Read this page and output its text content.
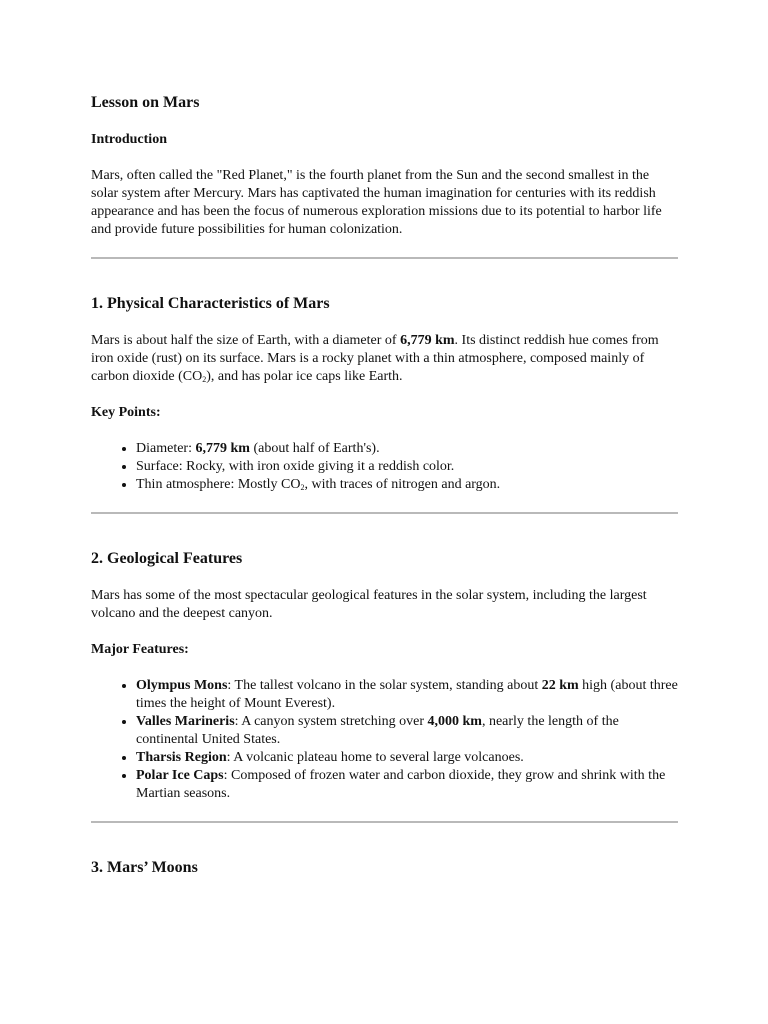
Lesson on Mars
Introduction

Mars, often called the "Red Planet," is the fourth planet from the Sun and the second smallest in the solar system after Mercury. Mars has captivated the human imagination for centuries with its reddish appearance and has been the focus of numerous exploration missions due to its potential to harbor life and provide future possibilities for human colonization.

1. Physical Characteristics of Mars

Mars is about half the size of Earth, with a diameter of 6,779 km. Its distinct reddish hue comes from iron oxide (rust) on its surface. Mars is a rocky planet with a thin atmosphere, composed mainly of carbon dioxide $(CO_2)$, and has polar ice caps like Earth.

Key Points:
• Diameter: 6,779 km (about half of Earth's).
• Surface: Rocky, with iron oxide giving it a reddish color.
• Thin atmosphere: Mostly $CO_2$, with traces of nitrogen and argon.
2. Geological Features

Mars has some of the most spectacular geological features in the solar system, including the largest volcano and the deepest canyon.

Major Features:
• Olympus Mons: The tallest volcano in the solar system, standing about 22 km high (about three times the height of Mount Everest).
• Valles Marineris: A canyon system stretching over 4,000 km, nearly the length of the continental United States.
• Tharsis Region: A volcanic plateau home to several large volcanoes.
• Polar Ice Caps: Composed of frozen water and carbon dioxide, they grow and shrink with the Martian seasons.
3. Mars’ Moons
